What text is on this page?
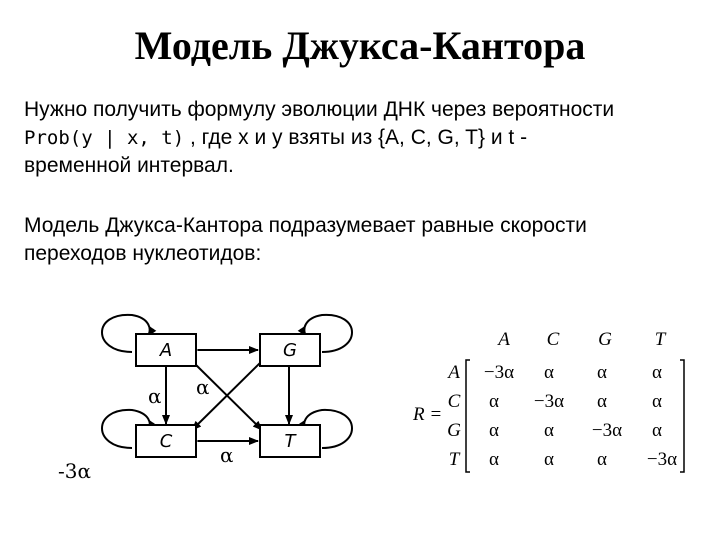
Модель Джукса-Кантора
Нужно получить формулу эволюции ДНК через вероятности
Prob(y | x, t) , где x и y взяты из {A, C, G, T} и t -
временной интервал.
Модель Джукса-Кантора подразумевает равные скорости
переходов нуклеотидов:
A	G
C	T
α α
α
-3α
R =
A C G T
A
C
G
T
−3α α α α
α −3α α α
α α −3α α
α α α −3α
